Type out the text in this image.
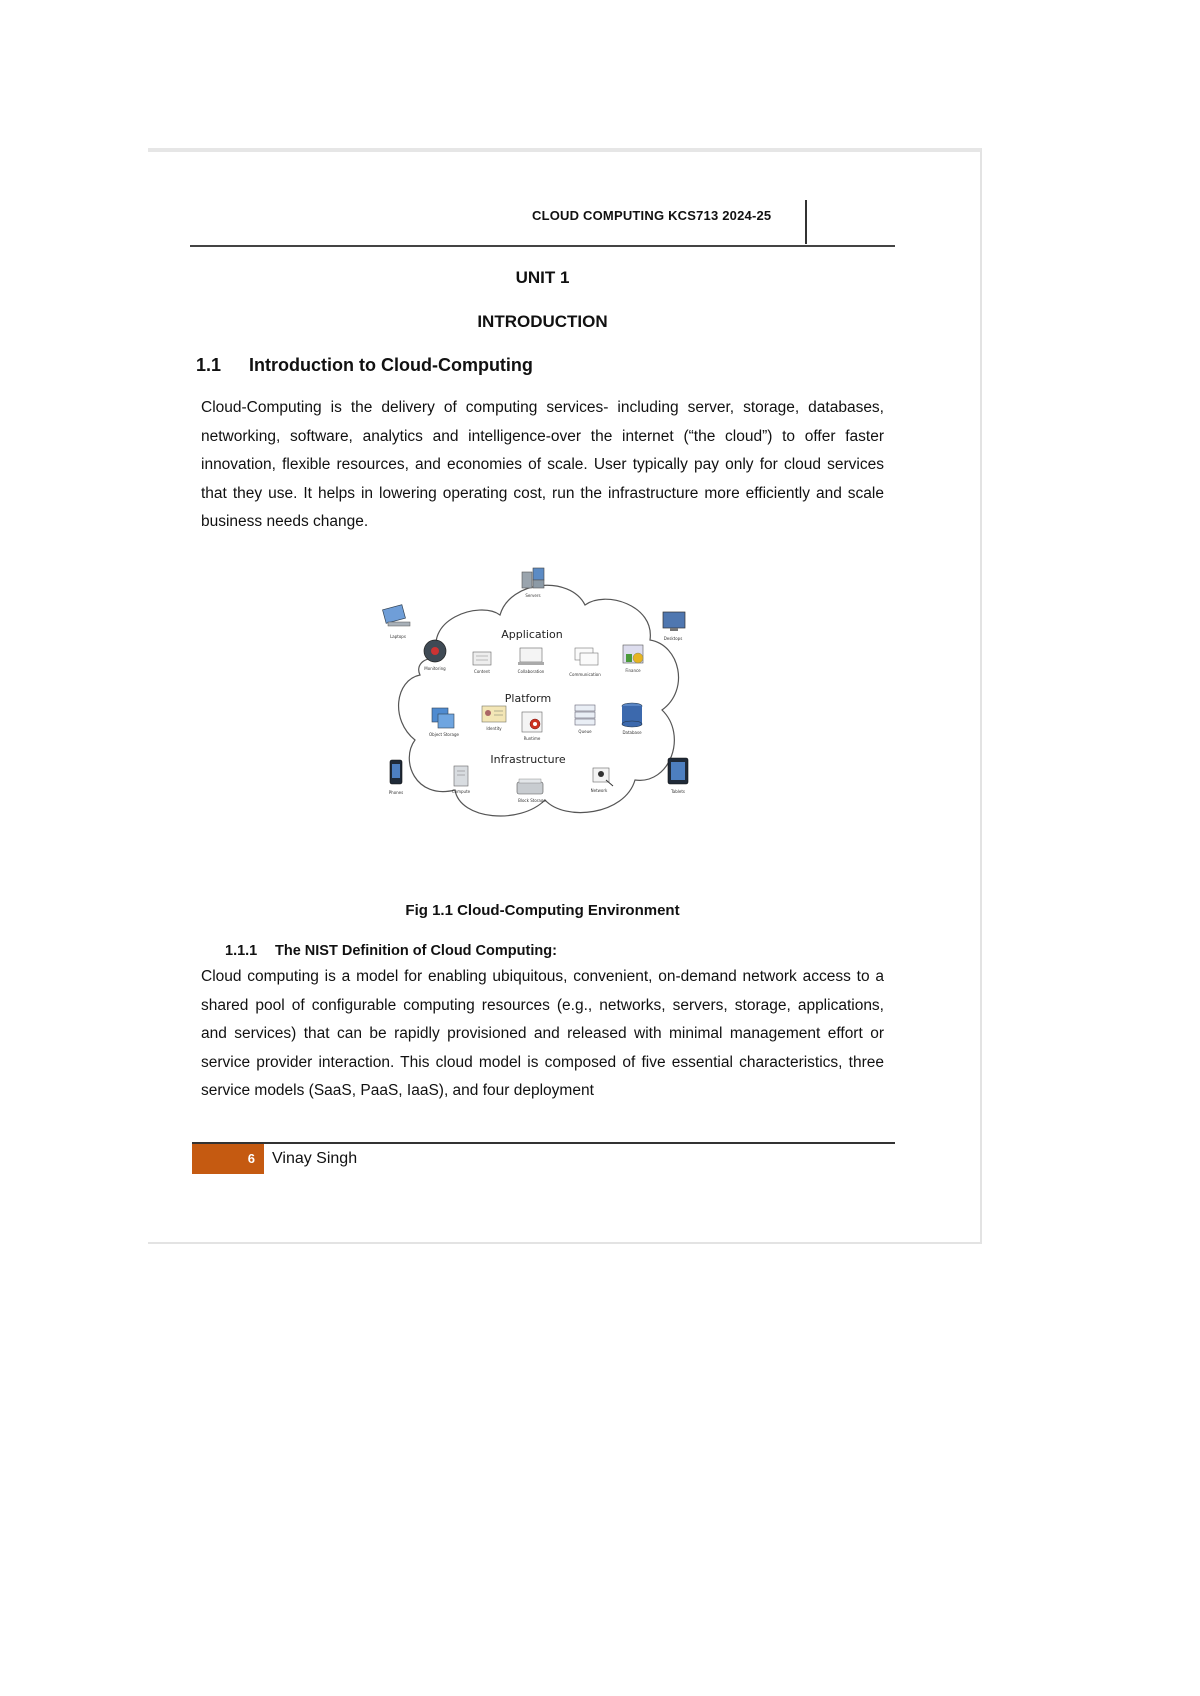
CLOUD COMPUTING KCS713 2024-25
UNIT 1
INTRODUCTION
1.1 Introduction to Cloud-Computing
Cloud-Computing is the delivery of computing services- including server, storage, databases, networking, software, analytics and intelligence-over the internet (“the cloud”) to offer faster innovation, flexible resources, and economies of scale. User typically pay only for cloud services that they use. It helps in lowering operating cost, run the infrastructure more efficiently and scale business needs change.
Application
Platform
Infrastructure
Servers
Laptops	Desktops
Phones	Tablets
Monitoring
Content	Collaboration
Communication
Finance
Object Storage
Identity
Runtime
Queue	Database
Compute
Block Storage
Network
Fig 1.1 Cloud-Computing Environment
1.1.1 The NIST Definition of Cloud Computing:
Cloud computing is a model for enabling ubiquitous, convenient, on-demand network access to a shared pool of configurable computing resources (e.g., networks, servers, storage, applications, and services) that can be rapidly provisioned and released with minimal management effort or service provider interaction. This cloud model is composed of five essential characteristics, three service models (SaaS, PaaS, IaaS), and four deployment
6 Vinay Singh
